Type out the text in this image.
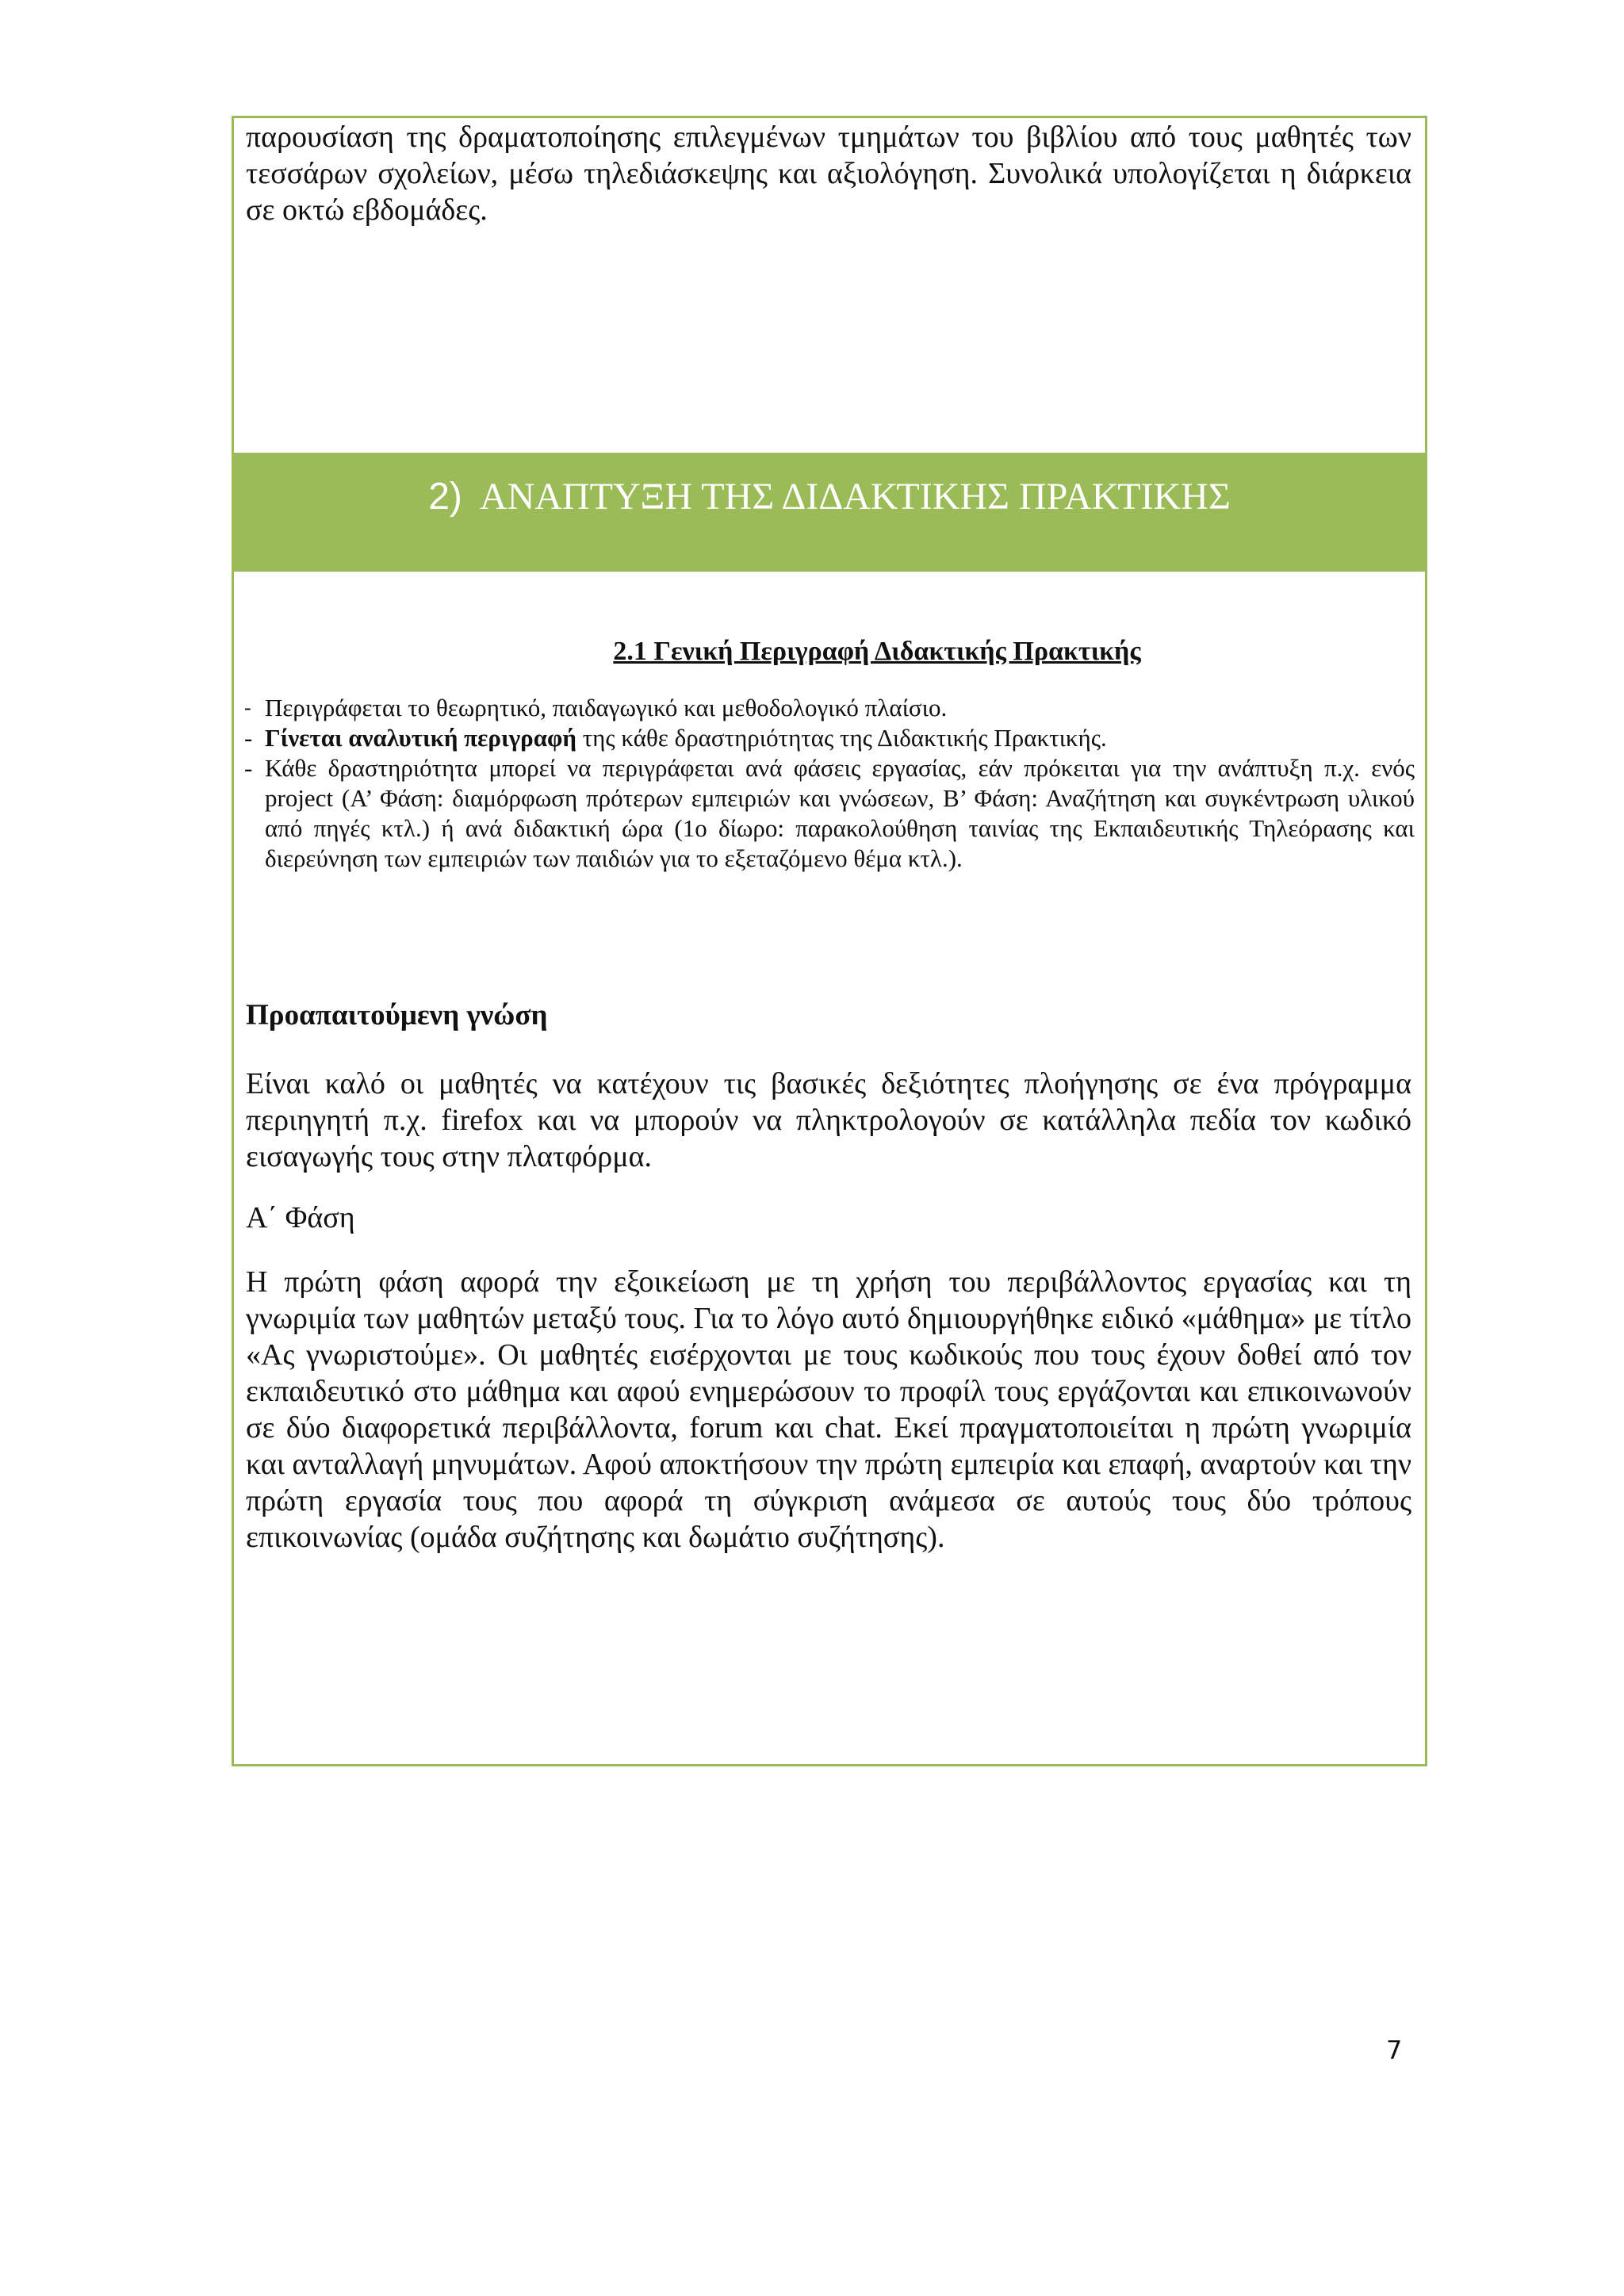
παρουσίαση της δραματοποίησης επιλεγμένων τμημάτων του βιβλίου από τους μαθητές των τεσσάρων σχολείων, μέσω τηλεδιάσκεψης και αξιολόγηση. Συνολικά υπολογίζεται η διάρκεια σε οκτώ εβδομάδες.
2) ΑΝΑΠΤΥΞΗ ΤΗΣ ΔΙΔΑΚΤΙΚΗΣ ΠΡΑΚΤΙΚΗΣ
2.1 Γενική Περιγραφή Διδακτικής Πρακτικής
- Περιγράφεται το θεωρητικό, παιδαγωγικό και μεθοδολογικό πλαίσιο.
- Γίνεται αναλυτική περιγραφή της κάθε δραστηριότητας της Διδακτικής Πρακτικής.
- Κάθε δραστηριότητα μπορεί να περιγράφεται ανά φάσεις εργασίας, εάν πρόκειται για την ανάπτυξη π.χ. ενός project (Α’ Φάση: διαμόρφωση πρότερων εμπειριών και γνώσεων, Β’ Φάση: Αναζήτηση και συγκέντρωση υλικού από πηγές κτλ.) ή ανά διδακτική ώρα (1ο δίωρο: παρακολούθηση ταινίας της Εκπαιδευτικής Τηλεόρασης και διερεύνηση των εμπειριών των παιδιών για το εξεταζόμενο θέμα κτλ.).
Προαπαιτούμενη γνώση
Είναι καλό οι μαθητές να κατέχουν τις βασικές δεξιότητες πλοήγησης σε ένα πρόγραμμα περιηγητή π.χ. firefox και να μπορούν να πληκτρολογούν σε κατάλληλα πεδία τον κωδικό εισαγωγής τους στην πλατφόρμα.
Α΄ Φάση
Η πρώτη φάση αφορά την εξοικείωση με τη χρήση του περιβάλλοντος εργασίας και τη γνωριμία των μαθητών μεταξύ τους. Για το λόγο αυτό δημιουργήθηκε ειδικό «μάθημα» με τίτλο «Ας γνωριστούμε». Οι μαθητές εισέρχονται με τους κωδικούς που τους έχουν δοθεί από τον εκπαιδευτικό στο μάθημα και αφού ενημερώσουν το προφίλ τους εργάζονται και επικοινωνούν σε δύο διαφορετικά περιβάλλοντα, forum και chat. Εκεί πραγματοποιείται η πρώτη γνωριμία και ανταλλαγή μηνυμάτων. Αφού αποκτήσουν την πρώτη εμπειρία και επαφή, αναρτούν και την πρώτη εργασία τους που αφορά τη σύγκριση ανάμεσα σε αυτούς τους δύο τρόπους επικοινωνίας (ομάδα συζήτησης και δωμάτιο συζήτησης).
7
